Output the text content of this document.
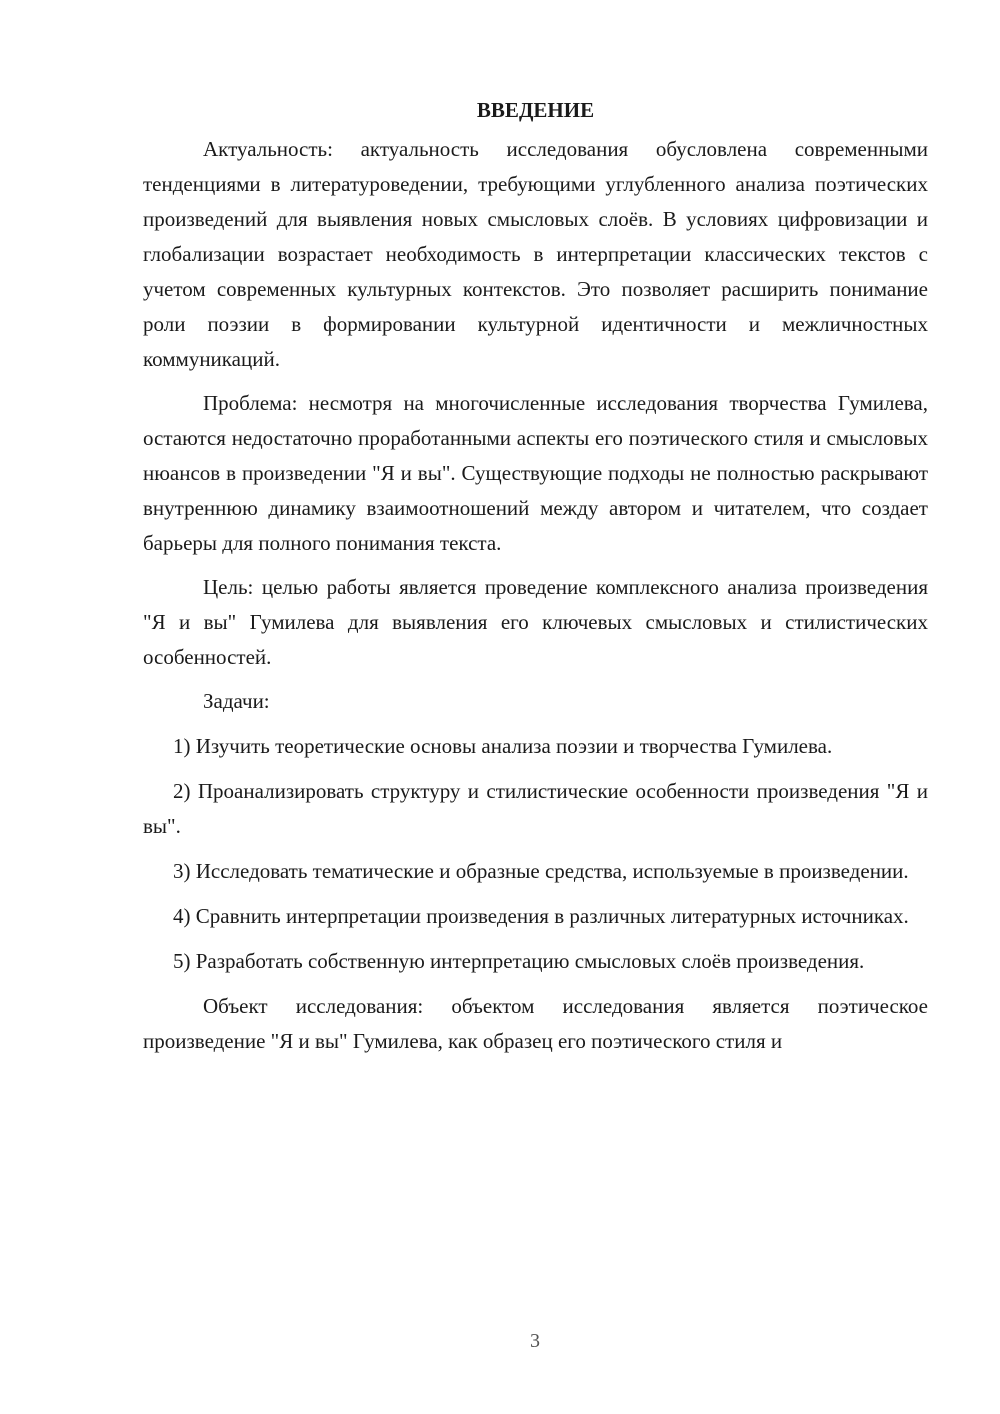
ВВЕДЕНИЕ

Актуальность: актуальность исследования обусловлена современными тенденциями в литературоведении, требующими углубленного анализа поэтических произведений для выявления новых смысловых слоёв. В условиях цифровизации и глобализации возрастает необходимость в интерпретации классических текстов с учетом современных культурных контекстов. Это позволяет расширить понимание роли поэзии в формировании культурной идентичности и межличностных коммуникаций.

Проблема: несмотря на многочисленные исследования творчества Гумилева, остаются недостаточно проработанными аспекты его поэтического стиля и смысловых нюансов в произведении "Я и вы". Существующие подходы не полностью раскрывают внутреннюю динамику взаимоотношений между автором и читателем, что создает барьеры для полного понимания текста.

Цель: целью работы является проведение комплексного анализа произведения "Я и вы" Гумилева для выявления его ключевых смысловых и стилистических особенностей.

Задачи:

1) Изучить теоретические основы анализа поэзии и творчества Гумилева.

2) Проанализировать структуру и стилистические особенности произведения "Я и вы".

3) Исследовать тематические и образные средства, используемые в произведении.

4) Сравнить интерпретации произведения в различных литературных источниках.

5) Разработать собственную интерпретацию смысловых слоёв произведения.

Объект исследования: объектом исследования является поэтическое произведение "Я и вы" Гумилева, как образец его поэтического стиля и

3
